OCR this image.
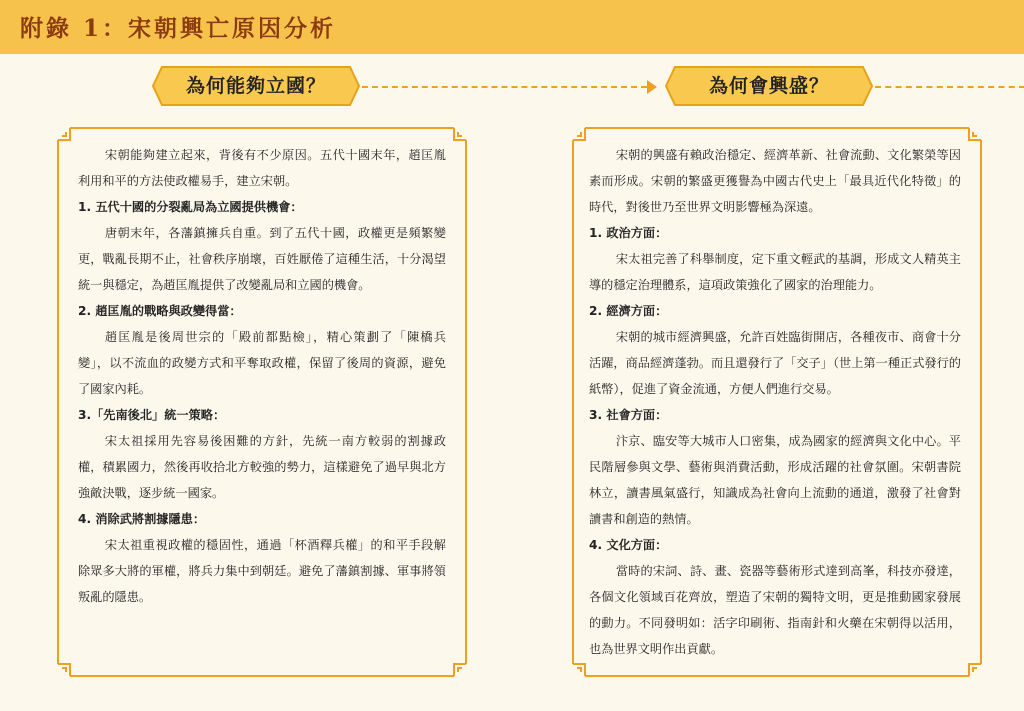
附錄 1：宋朝興亡原因分析
為何能夠立國？	為何會興盛？

宋朝能夠建立起來，背後有不少原因。五代十國末年，趙匡胤利用和平的方法使政權易手，建立宋朝。

1. 五代十國的分裂亂局為立國提供機會：

唐朝末年，各藩鎮擁兵自重。到了五代十國，政權更是頻繁變更，戰亂長期不止，社會秩序崩壞，百姓厭倦了這種生活，十分渴望統一與穩定，為趙匡胤提供了改變亂局和立國的機會。

2. 趙匡胤的戰略與政變得當：

趙匡胤是後周世宗的「殿前都點檢」，精心策劃了「陳橋兵變」，以不流血的政變方式和平奪取政權，保留了後周的資源，避免了國家內耗。

3.「先南後北」統一策略：

宋太祖採用先容易後困難的方針，先統一南方較弱的割據政權，積累國力，然後再收拾北方較強的勢力，這樣避免了過早與北方強敵決戰，逐步統一國家。

4. 消除武將割據隱患：

宋太祖重視政權的穩固性，通過「杯酒釋兵權」的和平手段解除眾多大將的軍權，將兵力集中到朝廷。避免了藩鎮割據、軍事將領叛亂的隱患。

宋朝的興盛有賴政治穩定、經濟革新、社會流動、文化繁榮等因素而形成。宋朝的繁盛更獲譽為中國古代史上「最具近代化特徵」的時代，對後世乃至世界文明影響極為深遠。

1. 政治方面：

宋太祖完善了科舉制度，定下重文輕武的基調，形成文人精英主導的穩定治理體系，這項政策強化了國家的治理能力。

2. 經濟方面：

宋朝的城市經濟興盛，允許百姓臨街開店，各種夜市、商會十分活躍，商品經濟蓬勃。而且還發行了「交子」（世上第一種正式發行的紙幣），促進了資金流通，方便人們進行交易。

3. 社會方面：

汴京、臨安等大城市人口密集，成為國家的經濟與文化中心。平民階層參與文學、藝術與消費活動，形成活躍的社會氛圍。宋朝書院林立，讀書風氣盛行，知識成為社會向上流動的通道，激發了社會對讀書和創造的熱情。

4. 文化方面：

當時的宋詞、詩、畫、瓷器等藝術形式達到高峯，科技亦發達，各個文化領域百花齊放，塑造了宋朝的獨特文明，更是推動國家發展的動力。不同發明如：活字印刷術、指南針和火藥在宋朝得以活用，也為世界文明作出貢獻。
